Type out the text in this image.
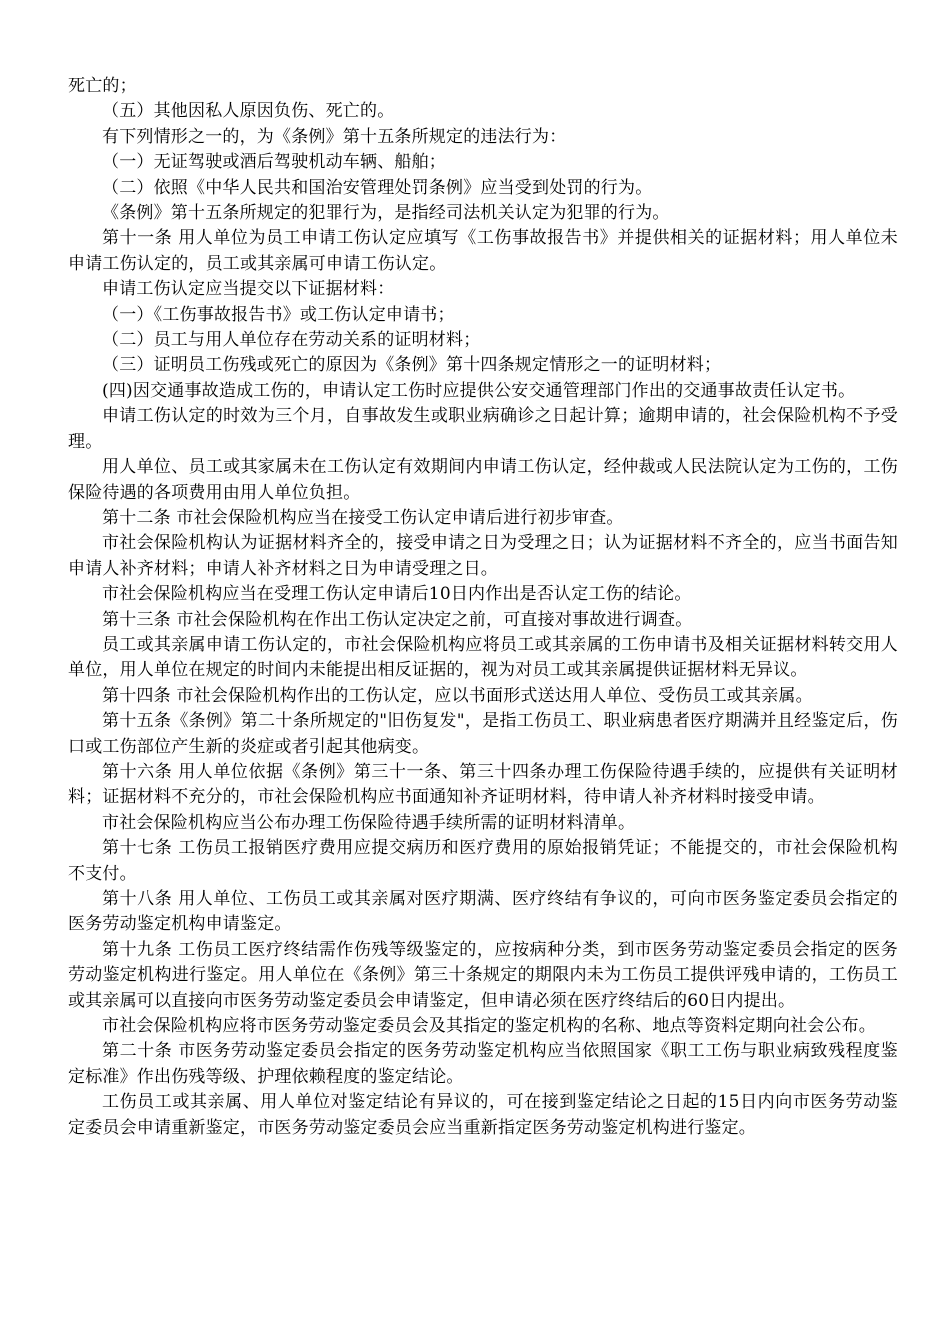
死亡的；

（五）其他因私人原因负伤、死亡的。

有下列情形之一的，为《条例》第十五条所规定的违法行为：

（一）无证驾驶或酒后驾驶机动车辆、船舶；

（二）依照《中华人民共和国治安管理处罚条例》应当受到处罚的行为。

《条例》第十五条所规定的犯罪行为，是指经司法机关认定为犯罪的行为。

第十一条 用人单位为员工申请工伤认定应填写《工伤事故报告书》并提供相关的证据材料；用人单位未申请工伤认定的，员工或其亲属可申请工伤认定。

申请工伤认定应当提交以下证据材料：

（一）《工伤事故报告书》或工伤认定申请书；

（二）员工与用人单位存在劳动关系的证明材料；

（三）证明员工伤残或死亡的原因为《条例》第十四条规定情形之一的证明材料；

(四)因交通事故造成工伤的，申请认定工伤时应提供公安交通管理部门作出的交通事故责任认定书。

申请工伤认定的时效为三个月，自事故发生或职业病确诊之日起计算；逾期申请的，社会保险机构不予受理。

用人单位、员工或其家属未在工伤认定有效期间内申请工伤认定，经仲裁或人民法院认定为工伤的，工伤保险待遇的各项费用由用人单位负担。

第十二条 市社会保险机构应当在接受工伤认定申请后进行初步审查。

市社会保险机构认为证据材料齐全的，接受申请之日为受理之日；认为证据材料不齐全的，应当书面告知申请人补齐材料；申请人补齐材料之日为申请受理之日。

市社会保险机构应当在受理工伤认定申请后10日内作出是否认定工伤的结论。

第十三条 市社会保险机构在作出工伤认定决定之前，可直接对事故进行调查。

员工或其亲属申请工伤认定的，市社会保险机构应将员工或其亲属的工伤申请书及相关证据材料转交用人单位，用人单位在规定的时间内未能提出相反证据的，视为对员工或其亲属提供证据材料无异议。

第十四条 市社会保险机构作出的工伤认定，应以书面形式送达用人单位、受伤员工或其亲属。

第十五条《条例》第二十条所规定的"旧伤复发"，是指工伤员工、职业病患者医疗期满并且经鉴定后，伤口或工伤部位产生新的炎症或者引起其他病变。

第十六条 用人单位依据《条例》第三十一条、第三十四条办理工伤保险待遇手续的，应提供有关证明材料；证据材料不充分的，市社会保险机构应书面通知补齐证明材料，待申请人补齐材料时接受申请。

市社会保险机构应当公布办理工伤保险待遇手续所需的证明材料清单。

第十七条 工伤员工报销医疗费用应提交病历和医疗费用的原始报销凭证；不能提交的，市社会保险机构不支付。

第十八条 用人单位、工伤员工或其亲属对医疗期满、医疗终结有争议的，可向市医务鉴定委员会指定的医务劳动鉴定机构申请鉴定。

第十九条 工伤员工医疗终结需作伤残等级鉴定的，应按病种分类，到市医务劳动鉴定委员会指定的医务劳动鉴定机构进行鉴定。用人单位在《条例》第三十条规定的期限内未为工伤员工提供评残申请的，工伤员工或其亲属可以直接向市医务劳动鉴定委员会申请鉴定，但申请必须在医疗终结后的60日内提出。

市社会保险机构应将市医务劳动鉴定委员会及其指定的鉴定机构的名称、地点等资料定期向社会公布。

第二十条 市医务劳动鉴定委员会指定的医务劳动鉴定机构应当依照国家《职工工伤与职业病致残程度鉴定标准》作出伤残等级、护理依赖程度的鉴定结论。

工伤员工或其亲属、用人单位对鉴定结论有异议的，可在接到鉴定结论之日起的15日内向市医务劳动鉴定委员会申请重新鉴定，市医务劳动鉴定委员会应当重新指定医务劳动鉴定机构进行鉴定。
